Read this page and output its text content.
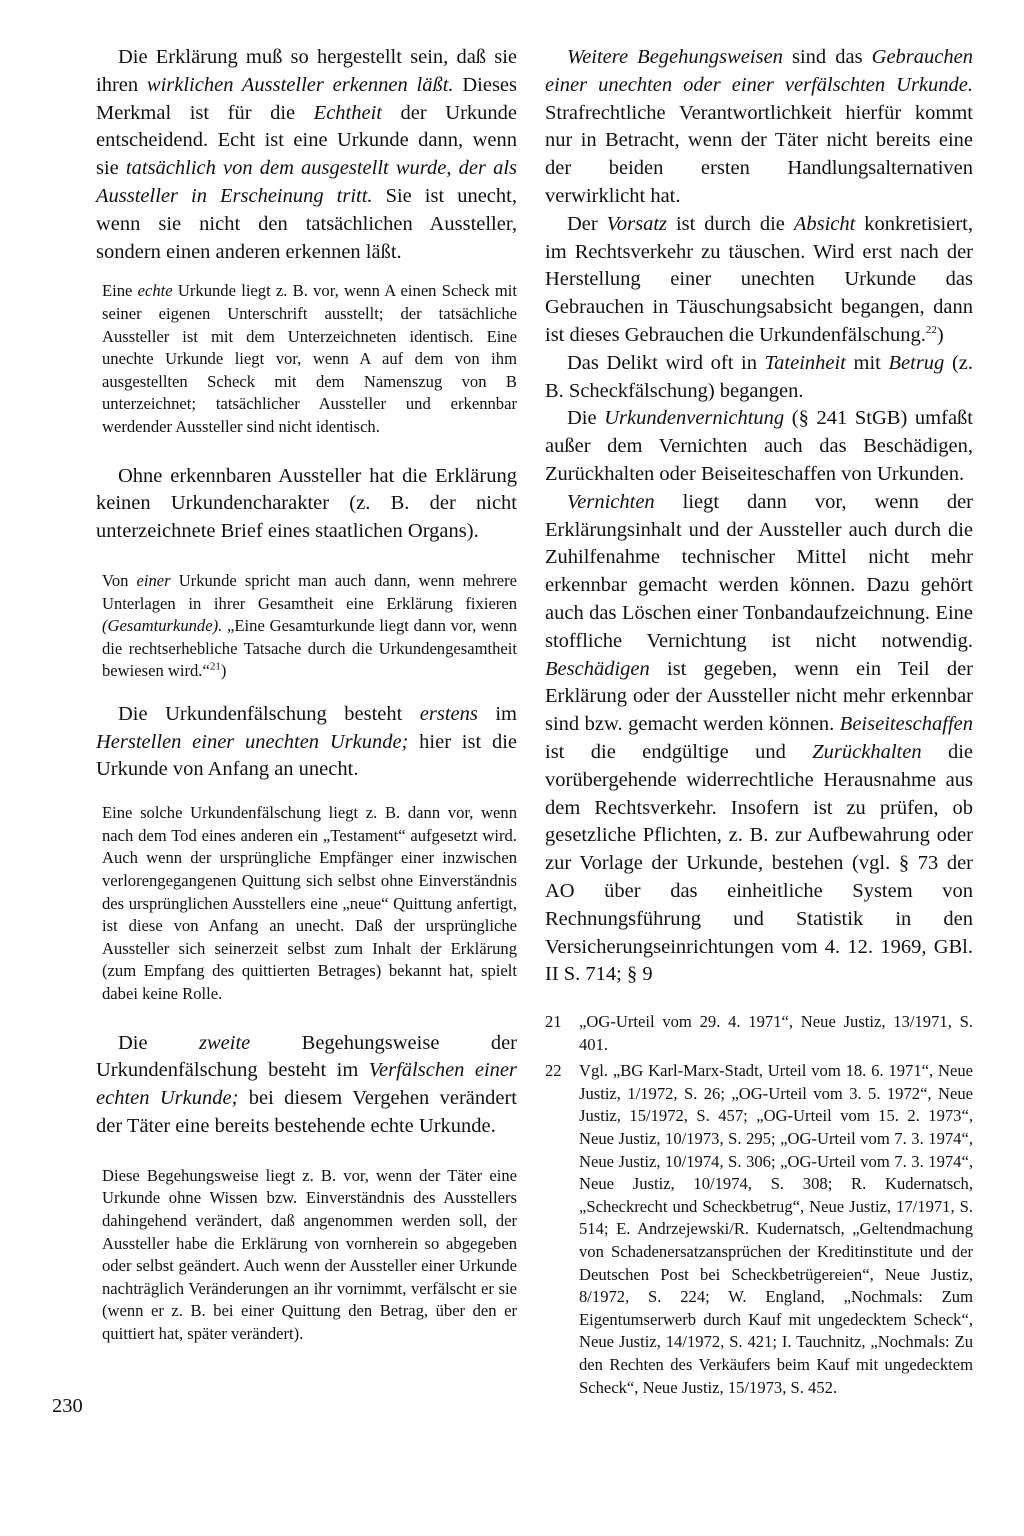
Die Erklärung muß so hergestellt sein, daß sie ihren wirklichen Aussteller erkennen läßt. Dieses Merkmal ist für die Echtheit der Urkunde entscheidend. Echt ist eine Urkunde dann, wenn sie tatsächlich von dem ausgestellt wurde, der als Aussteller in Erscheinung tritt. Sie ist unecht, wenn sie nicht den tatsächlichen Aussteller, sondern einen anderen erkennen läßt.

Eine echte Urkunde liegt z. B. vor, wenn A einen Scheck mit seiner eigenen Unterschrift ausstellt; der tatsächliche Aussteller ist mit dem Unterzeichneten identisch. Eine unechte Urkunde liegt vor, wenn A auf dem von ihm ausgestellten Scheck mit dem Namenszug von B unterzeichnet; tatsächlicher Aussteller und erkennbar werdender Aussteller sind nicht identisch.

Ohne erkennbaren Aussteller hat die Erklärung keinen Urkundencharakter (z. B. der nicht unterzeichnete Brief eines staatlichen Organs).

Von einer Urkunde spricht man auch dann, wenn mehrere Unterlagen in ihrer Gesamtheit eine Erklärung fixieren (Gesamturkunde). „Eine Gesamturkunde liegt dann vor, wenn die rechtserhebliche Tatsache durch die Urkundengesamtheit bewiesen wird.“$^{21}$)

Die Urkundenfälschung besteht erstens im Herstellen einer unechten Urkunde; hier ist die Urkunde von Anfang an unecht.

Eine solche Urkundenfälschung liegt z. B. dann vor, wenn nach dem Tod eines anderen ein „Testament“ aufgesetzt wird. Auch wenn der ursprüngliche Empfänger einer inzwischen verlorengegangenen Quittung sich selbst ohne Einverständnis des ursprünglichen Ausstellers eine „neue“ Quittung anfertigt, ist diese von Anfang an unecht. Daß der ursprüngliche Aussteller sich seinerzeit selbst zum Inhalt der Erklärung (zum Empfang des quittierten Betrages) bekannt hat, spielt dabei keine Rolle.

Die zweite Begehungsweise der Urkundenfälschung besteht im Verfälschen einer echten Urkunde; bei diesem Vergehen verändert der Täter eine bereits bestehende echte Urkunde.

Diese Begehungsweise liegt z. B. vor, wenn der Täter eine Urkunde ohne Wissen bzw. Einverständnis des Ausstellers dahingehend verändert, daß angenommen werden soll, der Aussteller habe die Erklärung von vornherein so abgegeben oder selbst geändert. Auch wenn der Aussteller einer Urkunde nachträglich Veränderungen an ihr vornimmt, verfälscht er sie (wenn er z. B. bei einer Quittung den Betrag, über den er quittiert hat, später verändert).

Weitere Begehungsweisen sind das Gebrauchen einer unechten oder einer verfälschten Urkunde. Strafrechtliche Verantwortlichkeit hierfür kommt nur in Betracht, wenn der Täter nicht bereits eine der beiden ersten Handlungsalternativen verwirklicht hat.

Der Vorsatz ist durch die Absicht konkretisiert, im Rechtsverkehr zu täuschen. Wird erst nach der Herstellung einer unechten Urkunde das Gebrauchen in Täuschungsabsicht begangen, dann ist dieses Gebrauchen die Urkundenfälschung.$^{22}$)

Das Delikt wird oft in Tateinheit mit Betrug (z. B. Scheckfälschung) begangen.

Die Urkundenvernichtung (§ 241 StGB) umfaßt außer dem Vernichten auch das Beschädigen, Zurückhalten oder Beiseiteschaffen von Urkunden.

Vernichten liegt dann vor, wenn der Erklärungsinhalt und der Aussteller auch durch die Zuhilfenahme technischer Mittel nicht mehr erkennbar gemacht werden können. Dazu gehört auch das Löschen einer Tonbandaufzeichnung. Eine stoffliche Vernichtung ist nicht notwendig. Beschädigen ist gegeben, wenn ein Teil der Erklärung oder der Aussteller nicht mehr erkennbar sind bzw. gemacht werden können. Beiseiteschaffen ist die endgültige und Zurückhalten die vorübergehende widerrechtliche Herausnahme aus dem Rechtsverkehr. Insofern ist zu prüfen, ob gesetzliche Pflichten, z. B. zur Aufbewahrung oder zur Vorlage der Urkunde, bestehen (vgl. § 73 der AO über das einheitliche System von Rechnungsführung und Statistik in den Versicherungseinrichtungen vom 4. 12. 1969, GBl. II S. 714; § 9

21	„OG-Urteil vom 29. 4. 1971“, Neue Justiz, 13/1971, S. 401.
22	Vgl. „BG Karl-Marx-Stadt, Urteil vom 18. 6. 1971“, Neue Justiz, 1/1972, S. 26; „OG-Urteil vom 3. 5. 1972“, Neue Justiz, 15/1972, S. 457; „OG-Urteil vom 15. 2. 1973“, Neue Justiz, 10/1973, S. 295; „OG-Urteil vom 7. 3. 1974“, Neue Justiz, 10/1974, S. 306; „OG-Urteil vom 7. 3. 1974“, Neue Justiz, 10/1974, S. 308; R. Kudernatsch, „Scheckrecht und Scheckbetrug“, Neue Justiz, 17/1971, S. 514; E. Andrzejewski/R. Kudernatsch, „Geltendmachung von Schadenersatzansprüchen der Kreditinstitute und der Deutschen Post bei Scheckbetrügereien“, Neue Justiz, 8/1972, S. 224; W. England, „Nochmals: Zum Eigentumserwerb durch Kauf mit ungedecktem Scheck“, Neue Justiz, 14/1972, S. 421; I. Tauchnitz, „Nochmals: Zu den Rechten des Verkäufers beim Kauf mit ungedecktem Scheck“, Neue Justiz, 15/1973, S. 452.
230
